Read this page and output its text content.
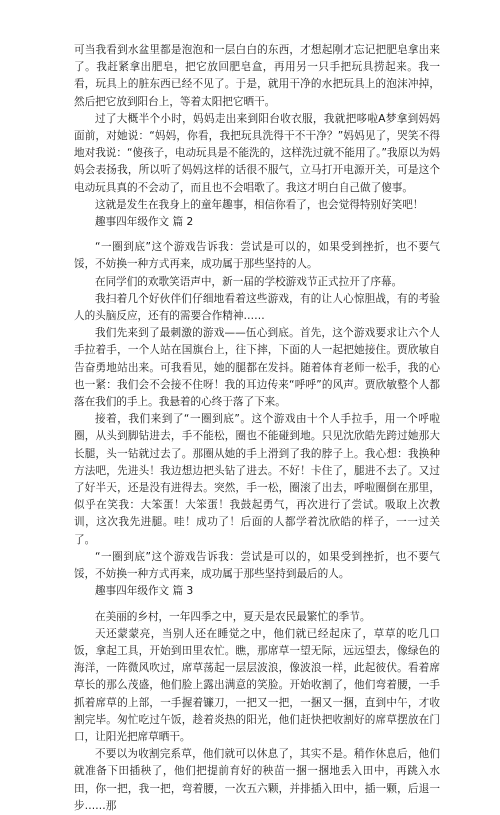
可当我看到水盆里都是泡泡和一层白白的东西，才想起刚才忘记把肥皂拿出来了。我赶紧拿出肥皂，把它放回肥皂盒，再用另一只手把玩具捞起来。我一看，玩具上的脏东西已经不见了。于是，就用干净的水把玩具上的泡沫冲掉，然后把它放到阳台上，等着太阳把它晒干。

过了大概半个小时，妈妈走出来到阳台收衣服，我就把哆啦A梦拿到妈妈面前，对她说：“妈妈，你看，我把玩具洗得干不干净？”妈妈见了，哭笑不得地对我说：“傻孩子，电动玩具是不能洗的，这样洗过就不能用了。”我原以为妈妈会表扬我，所以听了妈妈这样的话很不服气，立马打开电源开关，可是这个电动玩具真的不会动了，而且也不会唱歌了。我这才明白自己做了傻事。

这就是发生在我身上的童年趣事，相信你看了，也会觉得特别好笑吧！

趣事四年级作文 篇 2

“一圈到底”这个游戏告诉我：尝试是可以的，如果受到挫折，也不要气馁，不妨换一种方式再来，成功属于那些坚持的人。

在同学们的欢歌笑语声中，新一届的学校游戏节正式拉开了序幕。

我扫着几个好伙伴们仔细地看着这些游戏，有的让人心惊胆战，有的考验人的头脑反应，还有的需要合作精神……

我们先来到了最刺激的游戏——伍心到底。首先，这个游戏要求让六个人手拉着手，一个人站在国旗台上，往下摔，下面的人一起把她接住。贾欣敏自告奋勇地站出来。可我看见，她的腿都在发抖。随着体育老师一松手，我的心也一紧：我们会不会接不住呀！我的耳边传来“呼呼”的风声。贾欣敏整个人都落在我们的手上。我悬着的心终于落了下来。

接着，我们来到了“一圈到底”。这个游戏由十个人手拉手，用一个呼啦圈，从头到脚钻进去，手不能松，圈也不能碰到地。只见沈欣皓先跨过她那大长腿，头一钻就过去了。那圈从她的手上滑到了我的脖子上。我心想：我换种方法吧，先进头！我边想边把头钻了进去。不好！卡住了，腿进不去了。又过了好半天，还是没有进得去。突然，手一松，圈滚了出去，呼啦圈倒在那里，似乎在笑我：大笨蛋！大笨蛋！我鼓起勇气，再次进行了尝试。吸取上次教训，这次我先进腿。哇！成功了！后面的人都学着沈欣皓的样子，一一过关了。

“一圈到底”这个游戏告诉我：尝试是可以的，如果受到挫折，也不要气馁，不妨换一种方式再来，成功属于那些坚持到最后的人。

趣事四年级作文 篇 3

在美丽的乡村，一年四季之中，夏天是农民最繁忙的季节。

天还蒙蒙亮，当别人还在睡觉之中，他们就已经起床了，草草的吃几口饭，拿起工具，开始到田里农忙。瞧，那席草一望无际，远远望去，像绿色的海洋，一阵微风吹过，席草荡起一层层波浪，像波浪一样，此起彼伏。看着席草长的那么茂盛，他们脸上露出满意的笑脸。开始收割了，他们弯着腰，一手抓着席草的上部，一手握着镰刀，一把又一把，一捆又一捆，直到中午，才收割完毕。匆忙吃过午饭，趁着炎热的阳光，他们赶快把收割好的席草摆放在门口，让阳光把席草晒干。

不要以为收割完系草，他们就可以休息了，其实不是。稍作休息后，他们就准备下田插秧了，他们把提前育好的秧苗一捆一捆地丢入田中，再跳入水田，你一把，我一把，弯着腰，一次五六颗，并排插入田中，插一颗，后退一步……那
